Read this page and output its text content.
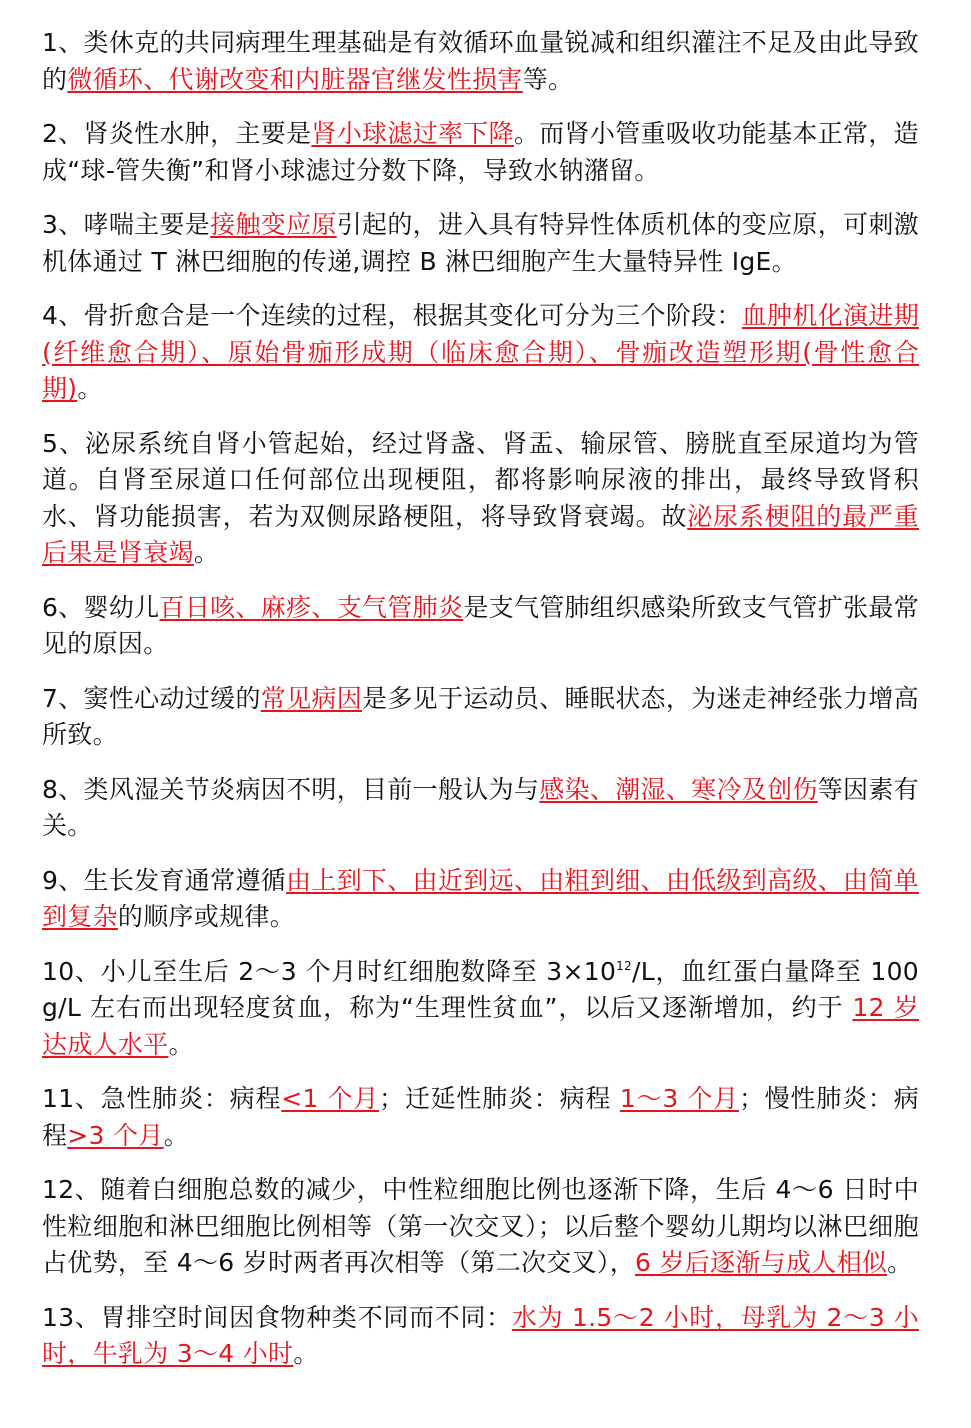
1、类休克的共同病理生理基础是有效循环血量锐减和组织灌注不足及由此导致的微循环、代谢改变和内脏器官继发性损害等。

2、肾炎性水肿，主要是肾小球滤过率下降。而肾小管重吸收功能基本正常，造成“球-管失衡”和肾小球滤过分数下降，导致水钠潴留。

3、哮喘主要是接触变应原引起的，进入具有特异性体质机体的变应原，可刺激机体通过 T 淋巴细胞的传递,调控 B 淋巴细胞产生大量特异性 IgE。

4、骨折愈合是一个连续的过程，根据其变化可分为三个阶段：血肿机化演进期(纤维愈合期）、原始骨痂形成期（临床愈合期）、骨痂改造塑形期(骨性愈合期)。

5、泌尿系统自肾小管起始，经过肾盏、肾盂、输尿管、膀胱直至尿道均为管道。自肾至尿道口任何部位出现梗阻，都将影响尿液的排出，最终导致肾积水、肾功能损害，若为双侧尿路梗阻，将导致肾衰竭。故泌尿系梗阻的最严重后果是肾衰竭。

6、婴幼儿百日咳、麻疹、支气管肺炎是支气管肺组织感染所致支气管扩张最常见的原因。

7、窦性心动过缓的常见病因是多见于运动员、睡眠状态，为迷走神经张力增高所致。

8、类风湿关节炎病因不明，目前一般认为与感染、潮湿、寒冷及创伤等因素有关。

9、生长发育通常遵循由上到下、由近到远、由粗到细、由低级到高级、由简单到复杂的顺序或规律。

10、小儿至生后 2～3 个月时红细胞数降至 $3\times 10^{12}/L$，血红蛋白量降至 100g/L 左右而出现轻度贫血，称为“生理性贫血”，以后又逐渐增加，约于 12 岁达成人水平。

11、急性肺炎：病程<1 个月；迁延性肺炎：病程 1～3 个月；慢性肺炎：病程>3 个月。

12、随着白细胞总数的减少，中性粒细胞比例也逐渐下降，生后 4～6 日时中性粒细胞和淋巴细胞比例相等（第一次交叉）；以后整个婴幼儿期均以淋巴细胞占优势，至 4～6 岁时两者再次相等（第二次交叉），6 岁后逐渐与成人相似。

13、胃排空时间因食物种类不同而不同：水为 1.5～2 小时，母乳为 2～3 小时，牛乳为 3～4 小时。
